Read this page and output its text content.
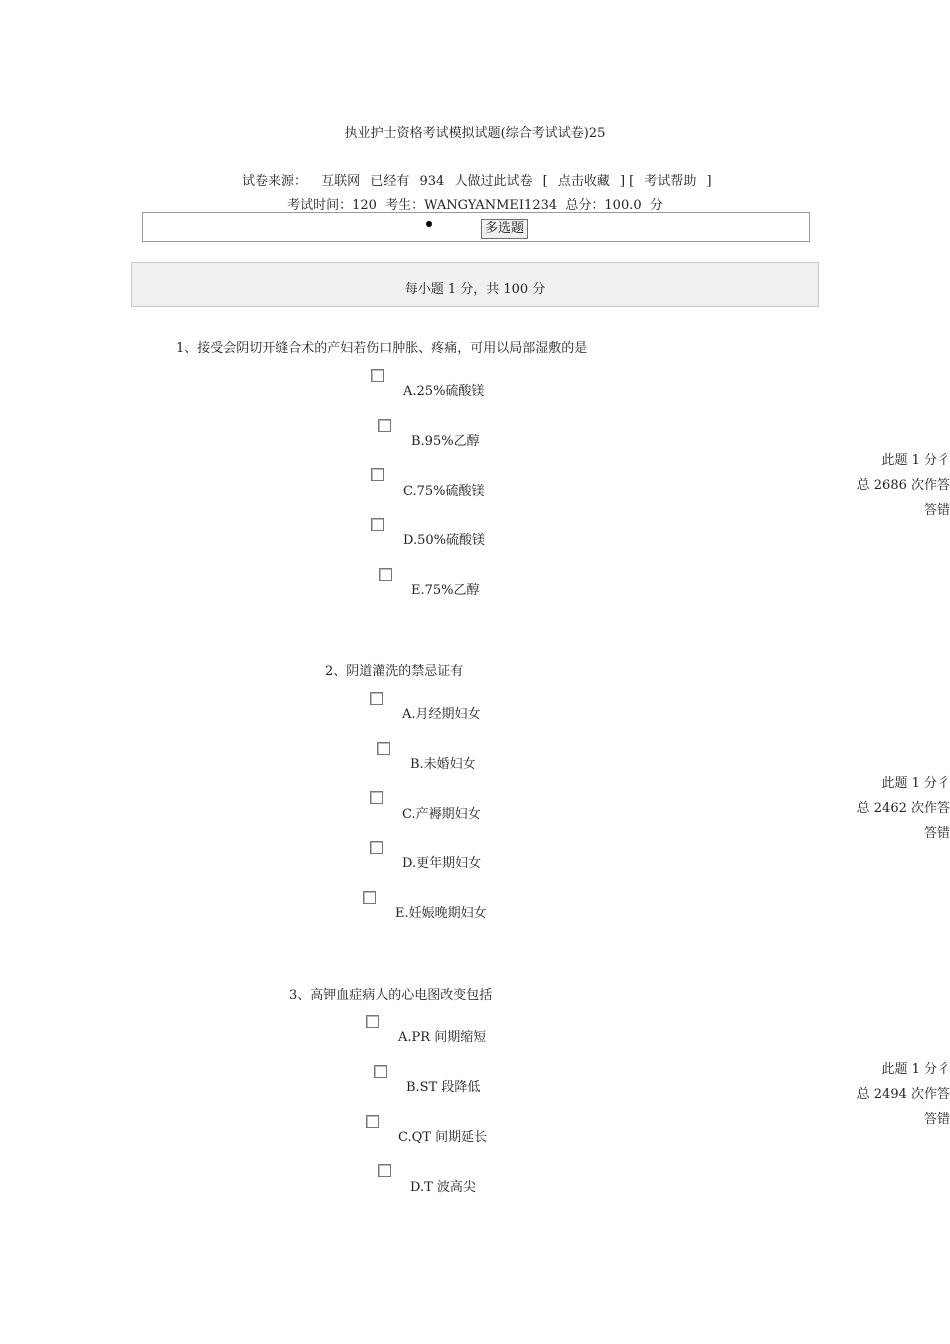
执业护士资格考试模拟试题(综合考试试卷)25
试卷来源： 互联网 已经有 934 人做过此试卷 [ 点击收藏 ] [ 考试帮助 ]
考试时间：120  考生：WANGYANMEI1234  总分：100.0  分
多选题
每小题 1 分，共 100 分
1、接受会阴切开缝合术的产妇若伤口肿胀、疼痛，可用以局部湿敷的是
A.25%硫酸镁
B.95%乙醇
C.75%硫酸镁
D.50%硫酸镁
E.75%乙醇
此题 1 分彳
总 2686 次作答
答错
2、阴道灌洗的禁忌证有
A.月经期妇女
B.未婚妇女
C.产褥期妇女
D.更年期妇女
E.妊娠晚期妇女
此题 1 分彳
总 2462 次作答
答错
3、高钾血症病人的心电图改变包括
A.PR 间期缩短
B.ST 段降低
C.QT 间期延长
D.T 波高尖
此题 1 分彳
总 2494 次作答
答错
